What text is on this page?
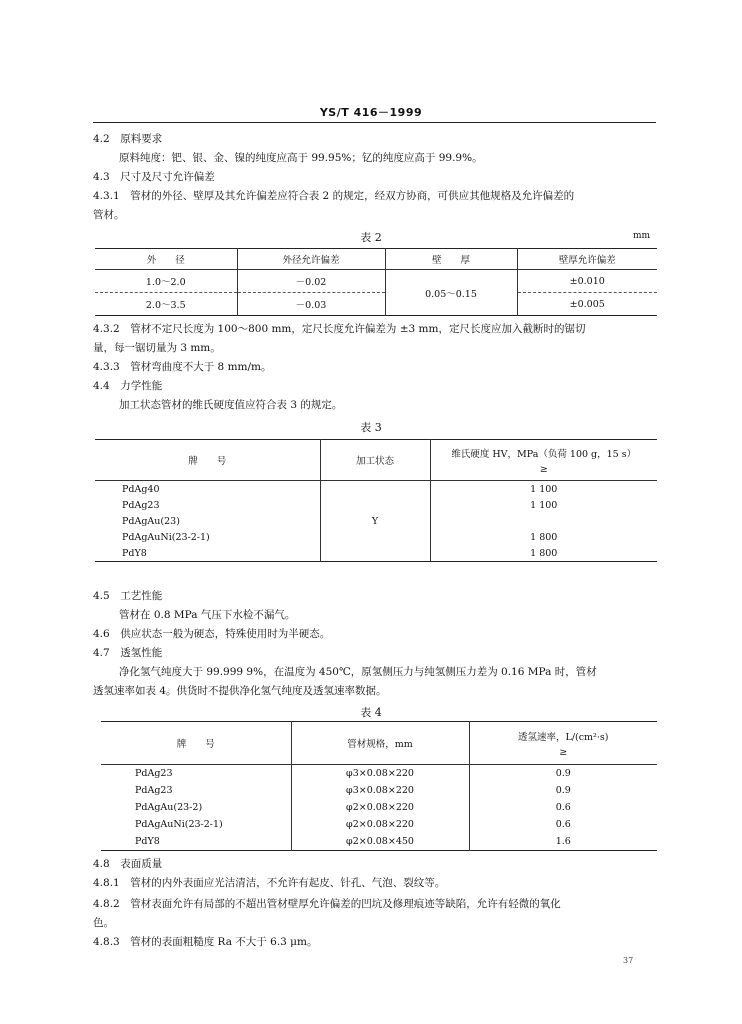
YS/T 416－1999
4.2　原料要求
原料纯度：钯、银、金、镍的纯度应高于 99.95%；钇的纯度应高于 99.9%。
4.3　尺寸及尺寸允许偏差
4.3.1　管材的外径、壁厚及其允许偏差应符合表 2 的规定，经双方协商，可供应其他规格及允许偏差的
管材。
表 2	mm
外　　径	外径允许偏差	壁　　厚	壁厚允许偏差
1.0～2.0	－0.02	0.05～0.15	±0.010
2.0～3.5	－0.03		±0.005
4.3.2　管材不定尺长度为 100～800 mm，定尺长度允许偏差为 ±3 mm，定尺长度应加入截断时的锯切
量，每一锯切量为 3 mm。
4.3.3　管材弯曲度不大于 8 mm/m。
4.4　力学性能
加工状态管材的维氏硬度值应符合表 3 的规定。
表 3
牌　　号	加工状态	维氏硬度 HV，MPa（负荷 100 g，15 s）
≥

PdAg40	Y	1 100
PdAg23		1 100
PdAgAu(23)		
PdAgAuNi(23-2-1)		1 800
PdY8		1 800
4.5　工艺性能
管材在 0.8 MPa 气压下水检不漏气。
4.6　供应状态一般为硬态，特殊使用时为半硬态。
4.7　透氢性能
净化氢气纯度大于 99.999 9%，在温度为 450℃，原氢侧压力与纯氢侧压力差为 0.16 MPa 时，管材
透氢速率如表 4。供货时不提供净化氢气纯度及透氢速率数据。
表 4
牌　　号	管材规格，mm	透氢速率，L/(cm²·s)
≥

PdAg23	φ3×0.08×220	0.9
PdAg23	φ3×0.08×220	0.9
PdAgAu(23-2)	φ2×0.08×220	0.6
PdAgAuNi(23-2-1)	φ2×0.08×220	0.6
PdY8	φ2×0.08×450	1.6
4.8　表面质量
4.8.1　管材的内外表面应光洁清洁，不允许有起皮、针孔、气泡、裂纹等。
4.8.2　管材表面允许有局部的不超出管材壁厚允许偏差的凹坑及修理痕迹等缺陷，允许有轻微的氧化
色。
4.8.3　管材的表面粗糙度 Ra 不大于 6.3 μm。
37
